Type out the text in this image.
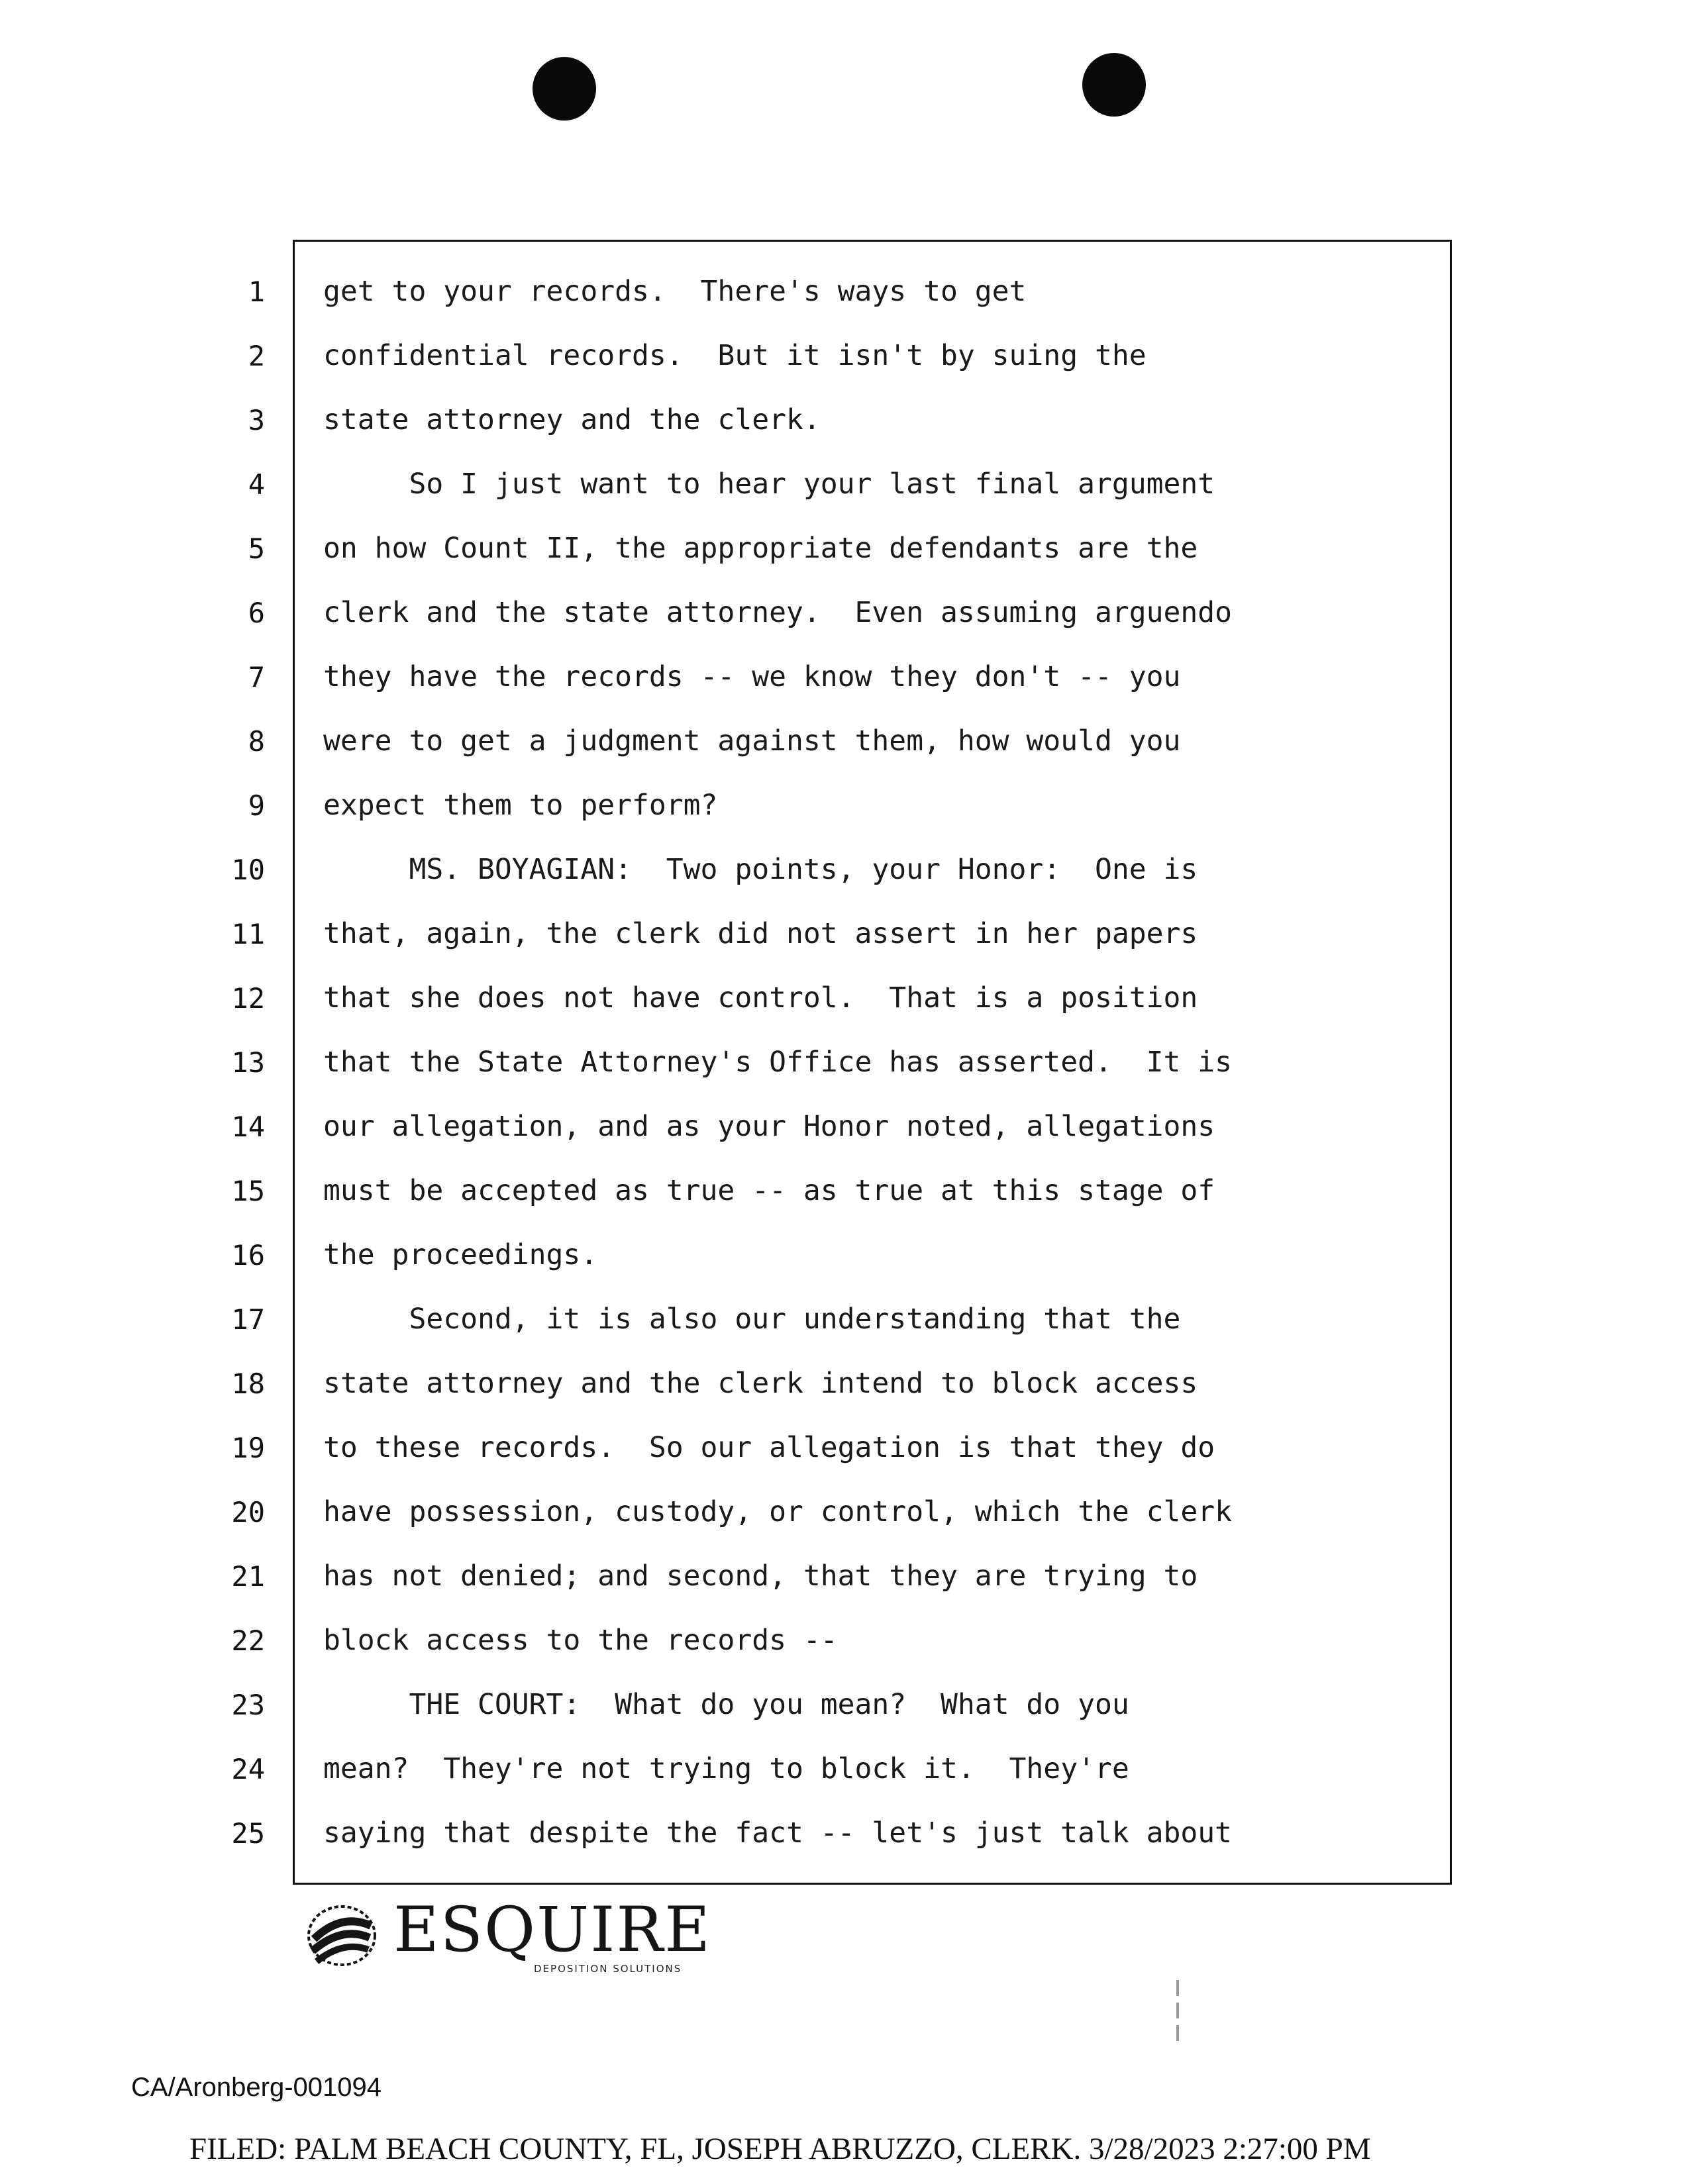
1
2
3
4
5
6
7
8
9
10
11
12
13
14
15
16
17
18
19
20
21
22
23
24
25
get to your records.  There's ways to get
confidential records.  But it isn't by suing the
state attorney and the clerk.
So I just want to hear your last final argument
on how Count II, the appropriate defendants are the
clerk and the state attorney.  Even assuming arguendo
they have the records -- we know they don't -- you
were to get a judgment against them, how would you
expect them to perform?
MS. BOYAGIAN:  Two points, your Honor:  One is
that, again, the clerk did not assert in her papers
that she does not have control.  That is a position
that the State Attorney's Office has asserted.  It is
our allegation, and as your Honor noted, allegations
must be accepted as true -- as true at this stage of
the proceedings.
Second, it is also our understanding that the
state attorney and the clerk intend to block access
to these records.  So our allegation is that they do
have possession, custody, or control, which the clerk
has not denied; and second, that they are trying to
block access to the records --
THE COURT:  What do you mean?  What do you
mean?  They're not trying to block it.  They're
saying that despite the fact -- let's just talk about
ESQUIRE
DEPOSITION SOLUTIONS
CA/Aronberg-001094
FILED: PALM BEACH COUNTY, FL, JOSEPH ABRUZZO, CLERK. 3/28/2023 2:27:00 PM
